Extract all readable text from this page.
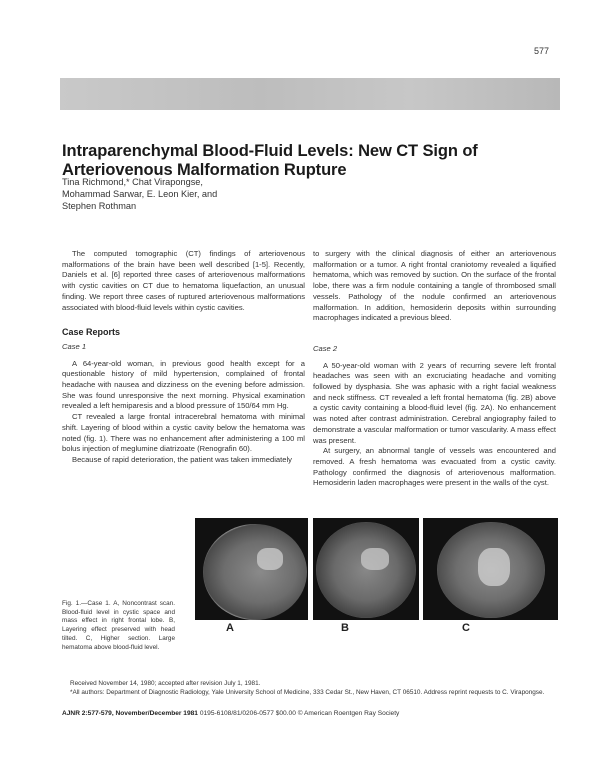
577
Intraparenchymal Blood-Fluid Levels: New CT Sign of Arteriovenous Malformation Rupture
Tina Richmond,* Chat Virapongse,
Mohammad Sarwar, E. Leon Kier, and
Stephen Rothman

The computed tomographic (CT) findings of arteriovenous malformations of the brain have been well described [1-5]. Recently, Daniels et al. [6] reported three cases of arteriovenous malformations with cystic cavities on CT due to hematoma liquefaction, an unusual finding. We report three cases of ruptured arteriovenous malformations associated with blood-fluid levels within cystic cavities.

Case Reports
Case 1

A 64-year-old woman, in previous good health except for a questionable history of mild hypertension, complained of frontal headache with nausea and dizziness on the evening before admission. She was found unresponsive the next morning. Physical examination revealed a left hemiparesis and a blood pressure of 150/64 mm Hg.

CT revealed a large frontal intracerebral hematoma with minimal shift. Layering of blood within a cystic cavity below the hematoma was noted (fig. 1). There was no enhancement after administering a 100 ml bolus injection of meglumine diatrizoate (Renografin 60).

Because of rapid deterioration, the patient was taken immediately

to surgery with the clinical diagnosis of either an arteriovenous malformation or a tumor. A right frontal craniotomy revealed a liquified hematoma, which was removed by suction. On the surface of the frontal lobe, there was a firm nodule containing a tangle of thrombosed small vessels. Pathology of the nodule confirmed an arteriovenous malformation. In addition, hemosiderin deposits within surrounding macrophages indicated a previous bleed.

Case 2

A 50-year-old woman with 2 years of recurring severe left frontal headaches was seen with an excruciating headache and vomiting followed by dysphasia. She was aphasic with a right facial weakness and neck stiffness. CT revealed a left frontal hematoma (fig. 2B) above a cystic cavity containing a blood-fluid level (fig. 2A). No enhancement was noted after contrast administration. Cerebral angiography failed to demonstrate a vascular malformation or tumor vascularity. A mass effect was present.

At surgery, an abnormal tangle of vessels was encountered and removed. A fresh hematoma was evacuated from a cystic cavity. Pathology confirmed the diagnosis of arteriovenous malformation. Hemosiderin laden macrophages were present in the walls of the cyst.

Fig. 1.—Case 1. A, Noncontrast scan. Blood-fluid level in cystic space and mass effect in right frontal lobe. B, Layering effect preserved with head tilted. C, Higher section. Large hematoma above blood-fluid level.
A	B	C

Received November 14, 1980; accepted after revision July 1, 1981.

*All authors: Department of Diagnostic Radiology, Yale University School of Medicine, 333 Cedar St., New Haven, CT 06510. Address reprint requests to C. Virapongse.

AJNR 2:577-579, November/December 1981 0195-6108/81/0206-0577 $00.00 © American Roentgen Ray Society
